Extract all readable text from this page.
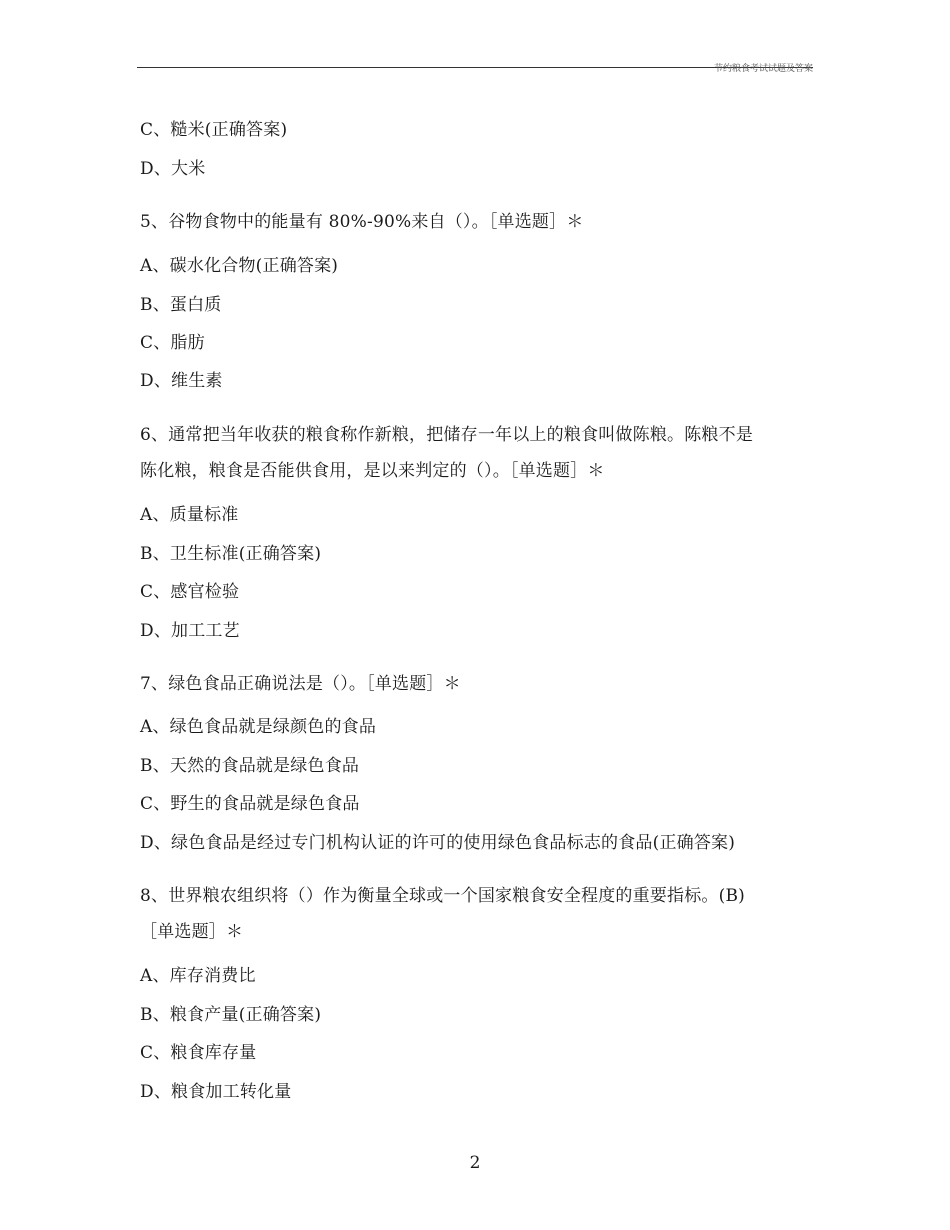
节约粮食考试试题及答案
C、糙米(正确答案)
D、大米
5、谷物食物中的能量有 80%-90%来自（）。［单选题］＊
A、碳水化合物(正确答案)
B、蛋白质
C、脂肪
D、维生素
6、通常把当年收获的粮食称作新粮，把储存一年以上的粮食叫做陈粮。陈粮不是
陈化粮，粮食是否能供食用，是以来判定的（）。［单选题］＊
A、质量标准
B、卫生标准(正确答案)
C、感官检验
D、加工工艺
7、绿色食品正确说法是（）。［单选题］＊
A、绿色食品就是绿颜色的食品
B、天然的食品就是绿色食品
C、野生的食品就是绿色食品
D、绿色食品是经过专门机构认证的许可的使用绿色食品标志的食品(正确答案)
8、世界粮农组织将（）作为衡量全球或一个国家粮食安全程度的重要指标。(B)
［单选题］＊
A、库存消费比
B、粮食产量(正确答案)
C、粮食库存量
D、粮食加工转化量
2
